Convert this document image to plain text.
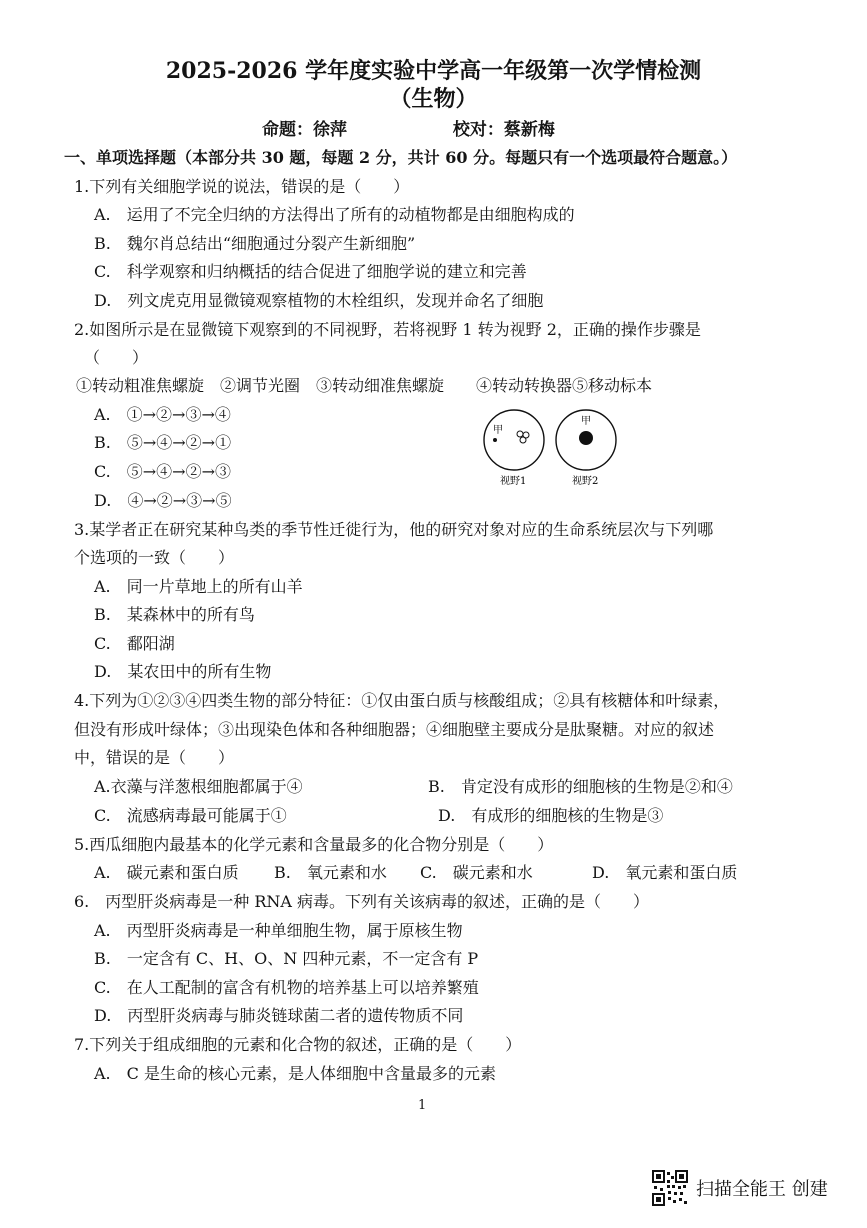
2025-2026 学年度实验中学高一年级第一次学情检测
（生物）
命题：徐萍	校对：蔡新梅
一、单项选择题（本部分共 30 题，每题 2 分，共计 60 分。每题只有一个选项最符合题意。）
1.下列有关细胞学说的说法，错误的是（　　）
A.　运用了不完全归纳的方法得出了所有的动植物都是由细胞构成的
B.　魏尔肖总结出“细胞通过分裂产生新细胞”
C.　科学观察和归纳概括的结合促进了细胞学说的建立和完善
D.　列文虎克用显微镜观察植物的木栓组织，发现并命名了细胞
2.如图所示是在显微镜下观察到的不同视野，若将视野 1 转为视野 2，正确的操作步骤是
（　　）
①转动粗准焦螺旋　②调节光圈　③转动细准焦螺旋　　④转动转换器⑤移动标本
A.　①→②→③→④
B.　⑤→④→②→①
C.　⑤→④→②→③
D.　④→②→③→⑤
甲
视野1
甲
视野2
3.某学者正在研究某种鸟类的季节性迁徙行为，他的研究对象对应的生命系统层次与下列哪
个选项的一致（　　）
A.　同一片草地上的所有山羊
B.　某森林中的所有鸟
C.　鄱阳湖
D.　某农田中的所有生物
4.下列为①②③④四类生物的部分特征：①仅由蛋白质与核酸组成；②具有核糖体和叶绿素，
但没有形成叶绿体；③出现染色体和各种细胞器；④细胞壁主要成分是肽聚糖。对应的叙述
中，错误的是（　　）
A.衣藻与洋葱根细胞都属于④	B.　肯定没有成形的细胞核的生物是②和④
C.　流感病毒最可能属于①	D.　有成形的细胞核的生物是③
5.西瓜细胞内最基本的化学元素和含量最多的化合物分别是（　　）
A.　碳元素和蛋白质 B.　氧元素和水 C.　碳元素和水	D.　氧元素和蛋白质
6.　丙型肝炎病毒是一种 RNA 病毒。下列有关该病毒的叙述，正确的是（　　）
A.　丙型肝炎病毒是一种单细胞生物，属于原核生物
B.　一定含有 C、H、O、N 四种元素，不一定含有 P
C.　在人工配制的富含有机物的培养基上可以培养繁殖
D.　丙型肝炎病毒与肺炎链球菌二者的遗传物质不同
7.下列关于组成细胞的元素和化合物的叙述，正确的是（　　）
A.　C 是生命的核心元素，是人体细胞中含量最多的元素
1
扫描全能王 创建
